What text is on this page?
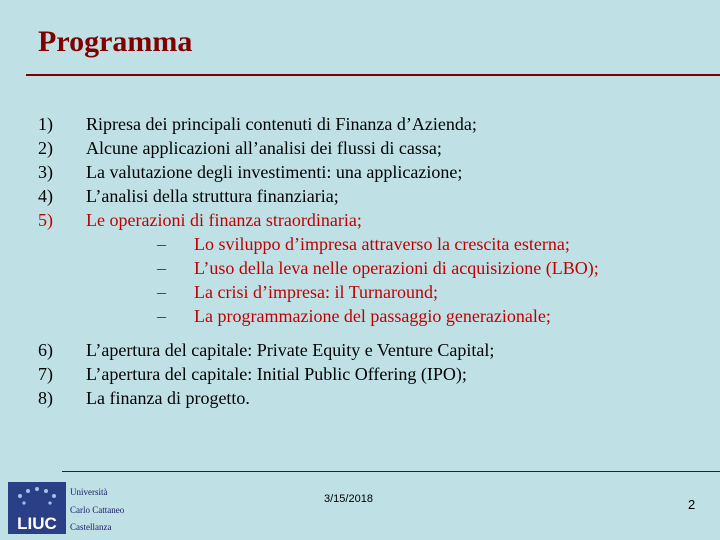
Programma
1) Ripresa dei principali contenuti di Finanza d’Azienda;
2) Alcune applicazioni all’analisi dei flussi di cassa;
3) La valutazione degli investimenti: una applicazione;
4) L’analisi della struttura finanziaria;
5) Le operazioni di finanza straordinaria;
– Lo sviluppo d’impresa attraverso la crescita esterna;
– L’uso della leva nelle operazioni di acquisizione (LBO);
– La crisi d’impresa: il Turnaround;
– La programmazione del passaggio generazionale;
6) L’apertura del capitale: Private Equity e Venture Capital;
7) L’apertura del capitale: Initial Public Offering (IPO);
8) La finanza di progetto.
LIUC
Università
Carlo Cattaneo
Castellanza
3/15/2018	2
